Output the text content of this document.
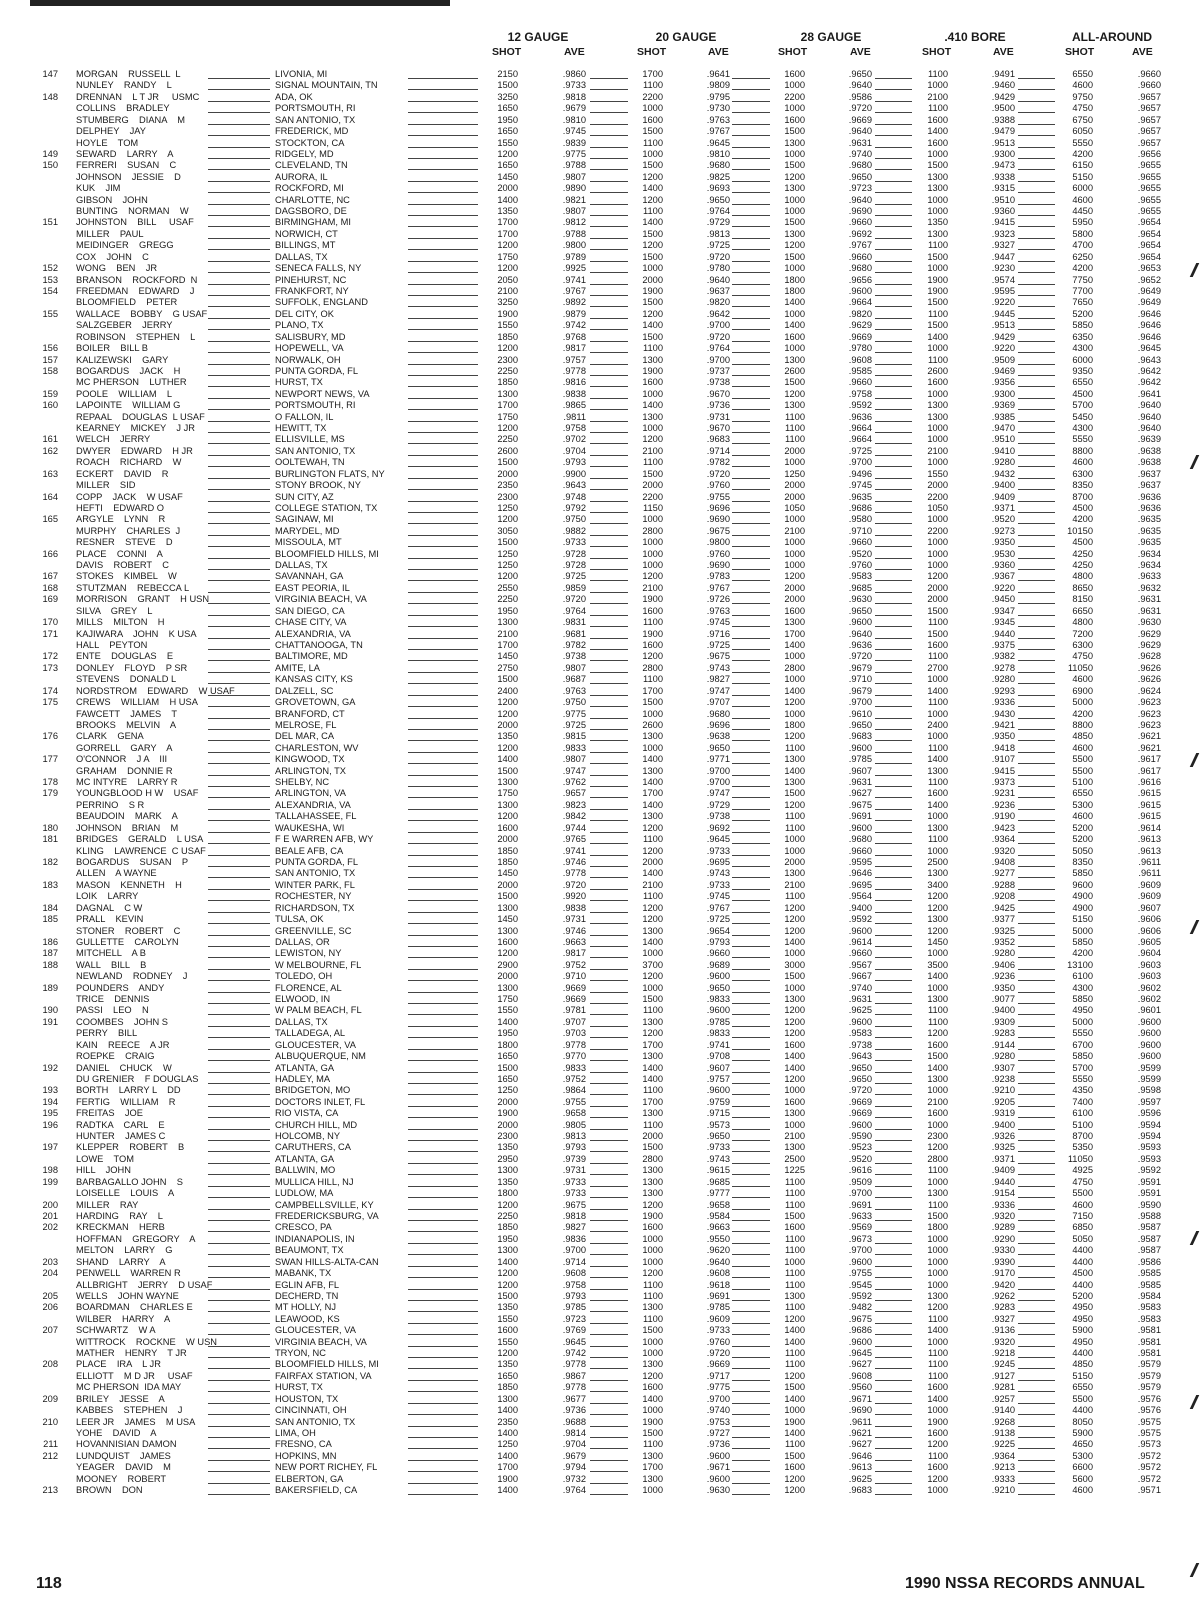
12 GAUGE	20 GAUGE	28 GAUGE	.410 BORE	ALL-AROUND
SHOT	AVE	SHOT	AVE	SHOT	AVE	SHOT	AVE	SHOT	AVE
147 MORGAN    RUSSELL  L	LIVONIA, MI	2150	.9860	1700	.9641	1600	.9650	1100	.9491	6550	.9660
NUNLEY    RANDY    L	SIGNAL MOUNTAIN, TN	1500	.9733	1100	.9809	1000	.9640	1000	.9460	4600	.9660
148 DRENNAN    L T JR     USMC	ADA, OK	3250	.9818	2200	.9795	2200	.9586	2100	.9429	9750	.9657
COLLINS    BRADLEY	PORTSMOUTH, RI	1650	.9679	1000	.9730	1000	.9720	1100	.9500	4750	.9657
STUMBERG    DIANA    M	SAN ANTONIO, TX	1950	.9810	1600	.9763	1600	.9669	1600	.9388	6750	.9657
DELPHEY    JAY	FREDERICK, MD	1650	.9745	1500	.9767	1500	.9640	1400	.9479	6050	.9657
HOYLE    TOM	STOCKTON, CA	1550	.9839	1100	.9645	1300	.9631	1600	.9513	5550	.9657
149 SEWARD    LARRY    A	RIDGELY, MD	1200	.9775	1000	.9810	1000	.9740	1000	.9300	4200	.9656
150 FERRERI    SUSAN    C	CLEVELAND, TN	1650	.9788	1500	.9680	1500	.9680	1500	.9473	6150	.9655
JOHNSON    JESSIE    D	AURORA, IL	1450	.9807	1200	.9825	1200	.9650	1300	.9338	5150	.9655
KUK    JIM	ROCKFORD, MI	2000	.9890	1400	.9693	1300	.9723	1300	.9315	6000	.9655
GIBSON    JOHN	CHARLOTTE, NC	1400	.9821	1200	.9650	1000	.9640	1000	.9510	4600	.9655
BUNTING    NORMAN    W	DAGSBORO, DE	1350	.9807	1100	.9764	1000	.9690	1000	.9360	4450	.9655
151 JOHNSTON    BILL     USAF	BIRMINGHAM, MI	1700	.9812	1400	.9729	1500	.9660	1350	.9415	5950	.9654
MILLER    PAUL	NORWICH, CT	1700	.9788	1500	.9813	1300	.9692	1300	.9323	5800	.9654
MEIDINGER    GREGG	BILLINGS, MT	1200	.9800	1200	.9725	1200	.9767	1100	.9327	4700	.9654
COX    JOHN    C	DALLAS, TX	1750	.9789	1500	.9720	1500	.9660	1500	.9447	6250	.9654
152 WONG    BEN    JR	SENECA FALLS, NY	1200	.9925	1000	.9780	1000	.9680	1000	.9230	4200	.9653
153 BRANSON    ROCKFORD  N	PINEHURST, NC	2050	.9741	2000	.9640	1800	.9656	1900	.9574	7750	.9652
154 FREEDMAN    EDWARD    J	FRANKFORT, NY	2100	.9767	1900	.9637	1800	.9600	1900	.9595	7700	.9649
BLOOMFIELD    PETER	SUFFOLK, ENGLAND	3250	.9892	1500	.9820	1400	.9664	1500	.9220	7650	.9649
155 WALLACE    BOBBY    G USAF	DEL CITY, OK	1900	.9879	1200	.9642	1000	.9820	1100	.9445	5200	.9646
SALZGEBER    JERRY	PLANO, TX	1550	.9742	1400	.9700	1400	.9629	1500	.9513	5850	.9646
ROBINSON    STEPHEN    L	SALISBURY, MD	1850	.9768	1500	.9720	1600	.9669	1400	.9429	6350	.9646
156 BOILER    BILL B	HOPEWELL, VA	1200	.9817	1100	.9764	1000	.9780	1000	.9220	4300	.9645
157 KALIZEWSKI    GARY	NORWALK, OH	2300	.9757	1300	.9700	1300	.9608	1100	.9509	6000	.9643
158 BOGARDUS    JACK    H	PUNTA GORDA, FL	2250	.9778	1900	.9737	2600	.9585	2600	.9469	9350	.9642
MC PHERSON    LUTHER	HURST, TX	1850	.9816	1600	.9738	1500	.9660	1600	.9356	6550	.9642
159 POOLE    WILLIAM    L	NEWPORT NEWS, VA	1300	.9838	1000	.9670	1200	.9758	1000	.9300	4500	.9641
160 LAPOINTE    WILLIAM G	PORTSMOUTH, RI	1700	.9865	1400	.9736	1300	.9592	1300	.9369	5700	.9640
REPAAL    DOUGLAS  L USAF	O FALLON, IL	1750	.9811	1300	.9731	1100	.9636	1300	.9385	5450	.9640
KEARNEY    MICKEY    J JR	HEWITT, TX	1200	.9758	1000	.9670	1100	.9664	1000	.9470	4300	.9640
161 WELCH    JERRY	ELLISVILLE, MS	2250	.9702	1200	.9683	1100	.9664	1000	.9510	5550	.9639
162 DWYER    EDWARD    H JR	SAN ANTONIO, TX	2600	.9704	2100	.9714	2000	.9725	2100	.9410	8800	.9638
ROACH    RICHARD    W	OOLTEWAH, TN	1500	.9793	1100	.9782	1000	.9700	1000	.9280	4600	.9638
163 ECKERT    DAVID    R	BURLINGTON FLATS, NY	2000	.9900	1500	.9720	1250	.9496	1550	.9432	6300	.9637
MILLER    SID	STONY BROOK, NY	2350	.9643	2000	.9760	2000	.9745	2000	.9400	8350	.9637
164 COPP    JACK    W USAF	SUN CITY, AZ	2300	.9748	2200	.9755	2000	.9635	2200	.9409	8700	.9636
HEFTI    EDWARD O	COLLEGE STATION, TX	1250	.9792	1150	.9696	1050	.9686	1050	.9371	4500	.9636
165 ARGYLE    LYNN    R	SAGINAW, MI	1200	.9750	1000	.9690	1000	.9580	1000	.9520	4200	.9635
MURPHY    CHARLES  J	MARYDEL, MD	3050	.9882	2800	.9675	2100	.9710	2200	.9273	10150	.9635
RESNER    STEVE    D	MISSOULA, MT	1500	.9733	1000	.9800	1000	.9660	1000	.9350	4500	.9635
166 PLACE    CONNI    A	BLOOMFIELD HILLS, MI	1250	.9728	1000	.9760	1000	.9520	1000	.9530	4250	.9634
DAVIS    ROBERT    C	DALLAS, TX	1250	.9728	1000	.9690	1000	.9760	1000	.9360	4250	.9634
167 STOKES    KIMBEL    W	SAVANNAH, GA	1200	.9725	1200	.9783	1200	.9583	1200	.9367	4800	.9633
168 STUTZMAN    REBECCA L	EAST PEORIA, IL	2550	.9859	2100	.9767	2000	.9685	2000	.9220	8650	.9632
169 MORRISON    GRANT    H USN	VIRGINIA BEACH, VA	2250	.9720	1900	.9726	2000	.9630	2000	.9450	8150	.9631
SILVA    GREY    L	SAN DIEGO, CA	1950	.9764	1600	.9763	1600	.9650	1500	.9347	6650	.9631
170 MILLS    MILTON    H	CHASE CITY, VA	1300	.9831	1100	.9745	1300	.9600	1100	.9345	4800	.9630
171 KAJIWARA    JOHN    K USA	ALEXANDRIA, VA	2100	.9681	1900	.9716	1700	.9640	1500	.9440	7200	.9629
HALL    PEYTON	CHATTANOOGA, TN	1700	.9782	1600	.9725	1400	.9636	1600	.9375	6300	.9629
172 ENTE    DOUGLAS    E	BALTIMORE, MD	1450	.9738	1200	.9675	1000	.9720	1100	.9382	4750	.9628
173 DONLEY    FLOYD    P SR	AMITE, LA	2750	.9807	2800	.9743	2800	.9679	2700	.9278	11050	.9626
STEVENS    DONALD L	KANSAS CITY, KS	1500	.9687	1100	.9827	1000	.9710	1000	.9280	4600	.9626
174 NORDSTROM    EDWARD    W USAF	DALZELL, SC	2400	.9763	1700	.9747	1400	.9679	1400	.9293	6900	.9624
175 CREWS    WILLIAM    H USA	GROVETOWN, GA	1200	.9750	1500	.9707	1200	.9700	1100	.9336	5000	.9623
FAWCETT    JAMES    T	BRANFORD, CT	1200	.9775	1000	.9680	1000	.9610	1000	.9430	4200	.9623
BROOKS    MELVIN    A	MELROSE, FL	2000	.9725	2600	.9696	1800	.9650	2400	.9421	8800	.9623
176 CLARK    GENA	DEL MAR, CA	1350	.9815	1300	.9638	1200	.9683	1000	.9350	4850	.9621
GORRELL    GARY    A	CHARLESTON, WV	1200	.9833	1000	.9650	1100	.9600	1100	.9418	4600	.9621
177 O'CONNOR    J A    III	KINGWOOD, TX	1400	.9807	1400	.9771	1300	.9785	1400	.9107	5500	.9617
GRAHAM    DONNIE R	ARLINGTON, TX	1500	.9747	1300	.9700	1400	.9607	1300	.9415	5500	.9617
178 MC INTYRE    LARRY R	SHELBY, NC	1300	.9762	1400	.9700	1300	.9631	1100	.9373	5100	.9616
179 YOUNGBLOOD H W    USAF	ARLINGTON, VA	1750	.9657	1700	.9747	1500	.9627	1600	.9231	6550	.9615
PERRINO    S R	ALEXANDRIA, VA	1300	.9823	1400	.9729	1200	.9675	1400	.9236	5300	.9615
BEAUDOIN    MARK    A	TALLAHASSEE, FL	1200	.9842	1300	.9738	1100	.9691	1000	.9190	4600	.9615
180 JOHNSON    BRIAN    M	WAUKESHA, WI	1600	.9744	1200	.9692	1100	.9600	1300	.9423	5200	.9614
181 BRIDGES    GERALD    L USA	F E WARREN AFB, WY	2000	.9765	1100	.9645	1000	.9680	1100	.9364	5200	.9613
KLING    LAWRENCE  C USAF	BEALE AFB, CA	1850	.9741	1200	.9733	1000	.9660	1000	.9320	5050	.9613
182 BOGARDUS    SUSAN    P	PUNTA GORDA, FL	1850	.9746	2000	.9695	2000	.9595	2500	.9408	8350	.9611
ALLEN    A WAYNE	SAN ANTONIO, TX	1450	.9778	1400	.9743	1300	.9646	1300	.9277	5850	.9611
183 MASON    KENNETH    H	WINTER PARK, FL	2000	.9720	2100	.9733	2100	.9695	3400	.9288	9600	.9609
LOIK    LARRY	ROCHESTER, NY	1500	.9920	1100	.9745	1100	.9564	1200	.9208	4900	.9609
184 DAGNAL    C W	RICHARDSON, TX	1300	.9838	1200	.9767	1200	.9400	1200	.9425	4900	.9607
185 PRALL    KEVIN	TULSA, OK	1450	.9731	1200	.9725	1200	.9592	1300	.9377	5150	.9606
STONER    ROBERT    C	GREENVILLE, SC	1300	.9746	1300	.9654	1200	.9600	1200	.9325	5000	.9606
186 GULLETTE    CAROLYN	DALLAS, OR	1600	.9663	1400	.9793	1400	.9614	1450	.9352	5850	.9605
187 MITCHELL    A B	LEWISTON, NY	1200	.9817	1000	.9660	1000	.9660	1000	.9280	4200	.9604
188 WALL    BILL    B	W MELBOURNE, FL	2900	.9752	3700	.9689	3000	.9567	3500	.9406	13100	.9603
NEWLAND    RODNEY    J	TOLEDO, OH	2000	.9710	1200	.9600	1500	.9667	1400	.9236	6100	.9603
189 POUNDERS    ANDY	FLORENCE, AL	1300	.9669	1000	.9650	1000	.9740	1000	.9350	4300	.9602
TRICE    DENNIS	ELWOOD, IN	1750	.9669	1500	.9833	1300	.9631	1300	.9077	5850	.9602
190 PASSI    LEO    N	W PALM BEACH, FL	1550	.9781	1100	.9600	1200	.9625	1100	.9400	4950	.9601
191 COOMBES    JOHN S	DALLAS, TX	1400	.9707	1300	.9785	1200	.9600	1100	.9309	5000	.9600
PERRY    BILL	TALLADEGA, AL	1950	.9703	1200	.9833	1200	.9583	1200	.9283	5550	.9600
KAIN    REECE    A JR	GLOUCESTER, VA	1800	.9778	1700	.9741	1600	.9738	1600	.9144	6700	.9600
ROEPKE    CRAIG	ALBUQUERQUE, NM	1650	.9770	1300	.9708	1400	.9643	1500	.9280	5850	.9600
192 DANIEL    CHUCK    W	ATLANTA, GA	1500	.9833	1400	.9607	1400	.9650	1400	.9307	5700	.9599
DU GRENIER    F DOUGLAS	HADLEY, MA	1650	.9752	1400	.9757	1200	.9650	1300	.9238	5550	.9599
193 BORTH    LARRY L    DD	BRIDGETON, MO	1250	.9864	1100	.9600	1000	.9720	1000	.9210	4350	.9598
194 FERTIG    WILLIAM    R	DOCTORS INLET, FL	2000	.9755	1700	.9759	1600	.9669	2100	.9205	7400	.9597
195 FREITAS    JOE	RIO VISTA, CA	1900	.9658	1300	.9715	1300	.9669	1600	.9319	6100	.9596
196 RADTKA    CARL    E	CHURCH HILL, MD	2000	.9805	1100	.9573	1000	.9600	1000	.9400	5100	.9594
HUNTER    JAMES C	HOLCOMB, NY	2300	.9813	2000	.9650	2100	.9590	2300	.9326	8700	.9594
197 KLEPPER    ROBERT    B	CARUTHERS, CA	1350	.9793	1500	.9733	1300	.9523	1200	.9325	5350	.9593
LOWE    TOM	ATLANTA, GA	2950	.9739	2800	.9743	2500	.9520	2800	.9371	11050	.9593
198 HILL    JOHN	BALLWIN, MO	1300	.9731	1300	.9615	1225	.9616	1100	.9409	4925	.9592
199 BARBAGALLO JOHN    S	MULLICA HILL, NJ	1350	.9733	1300	.9685	1100	.9509	1000	.9440	4750	.9591
LOISELLE    LOUIS    A	LUDLOW, MA	1800	.9733	1300	.9777	1100	.9700	1300	.9154	5500	.9591
200 MILLER    RAY	CAMPBELLSVILLE, KY	1200	.9675	1200	.9658	1100	.9691	1100	.9336	4600	.9590
201 HARDING    RAY    L	FREDERICKSBURG, VA	2250	.9818	1900	.9584	1500	.9633	1500	.9320	7150	.9588
202 KRECKMAN    HERB	CRESCO, PA	1850	.9827	1600	.9663	1600	.9569	1800	.9289	6850	.9587
HOFFMAN    GREGORY    A	INDIANAPOLIS, IN	1950	.9836	1000	.9550	1100	.9673	1000	.9290	5050	.9587
MELTON    LARRY    G	BEAUMONT, TX	1300	.9700	1000	.9620	1100	.9700	1000	.9330	4400	.9587
203 SHAND    LARRY    A	SWAN HILLS-ALTA-CAN	1400	.9714	1000	.9640	1000	.9600	1000	.9390	4400	.9586
204 PENWELL    WARREN R	MABANK, TX	1200	.9608	1200	.9608	1100	.9755	1000	.9170	4500	.9585
ALLBRIGHT    JERRY    D USAF	EGLIN AFB, FL	1200	.9758	1100	.9618	1100	.9545	1000	.9420	4400	.9585
205 WELLS    JOHN WAYNE	DECHERD, TN	1500	.9793	1100	.9691	1300	.9592	1300	.9262	5200	.9584
206 BOARDMAN    CHARLES E	MT HOLLY, NJ	1350	.9785	1300	.9785	1100	.9482	1200	.9283	4950	.9583
WILBER    HARRY    A	LEAWOOD, KS	1550	.9723	1100	.9609	1200	.9675	1100	.9327	4950	.9583
207 SCHWARTZ    W A	GLOUCESTER, VA	1600	.9769	1500	.9733	1400	.9686	1400	.9136	5900	.9581
WITTROCK    ROCKNE    W USN	VIRGINIA BEACH, VA	1550	.9645	1000	.9760	1400	.9600	1000	.9320	4950	.9581
MATHER    HENRY    T JR	TRYON, NC	1200	.9742	1000	.9720	1100	.9645	1100	.9218	4400	.9581
208 PLACE    IRA    L JR	BLOOMFIELD HILLS, MI	1350	.9778	1300	.9669	1100	.9627	1100	.9245	4850	.9579
ELLIOTT    M D JR     USAF	FAIRFAX STATION, VA	1650	.9867	1200	.9717	1200	.9608	1100	.9127	5150	.9579
MC PHERSON  IDA MAY	HURST, TX	1850	.9778	1600	.9775	1500	.9560	1600	.9281	6550	.9579
209 BRILEY    JESSE    A	HOUSTON, TX	1300	.9677	1400	.9700	1400	.9671	1400	.9257	5500	.9576
KABBES    STEPHEN    J	CINCINNATI, OH	1400	.9736	1000	.9740	1000	.9690	1000	.9140	4400	.9576
210 LEER JR    JAMES    M USA	SAN ANTONIO, TX	2350	.9688	1900	.9753	1900	.9611	1900	.9268	8050	.9575
YOHE    DAVID    A	LIMA, OH	1400	.9814	1500	.9727	1400	.9621	1600	.9138	5900	.9575
211 HOVANNISIAN DAMON	FRESNO, CA	1250	.9704	1100	.9736	1100	.9627	1200	.9225	4650	.9573
212 LUNDQUIST    JAMES	HOPKINS, MN	1400	.9679	1300	.9600	1500	.9646	1100	.9364	5300	.9572
YEAGER    DAVID    M	NEW PORT RICHEY, FL	1700	.9794	1700	.9671	1600	.9613	1600	.9213	6600	.9572
MOONEY    ROBERT	ELBERTON, GA	1900	.9732	1300	.9600	1200	.9625	1200	.9333	5600	.9572
213 BROWN    DON	BAKERSFIELD, CA	1400	.9764	1000	.9630	1200	.9683	1000	.9210	4600	.9571
118	1990 NSSA RECORDS ANNUAL
